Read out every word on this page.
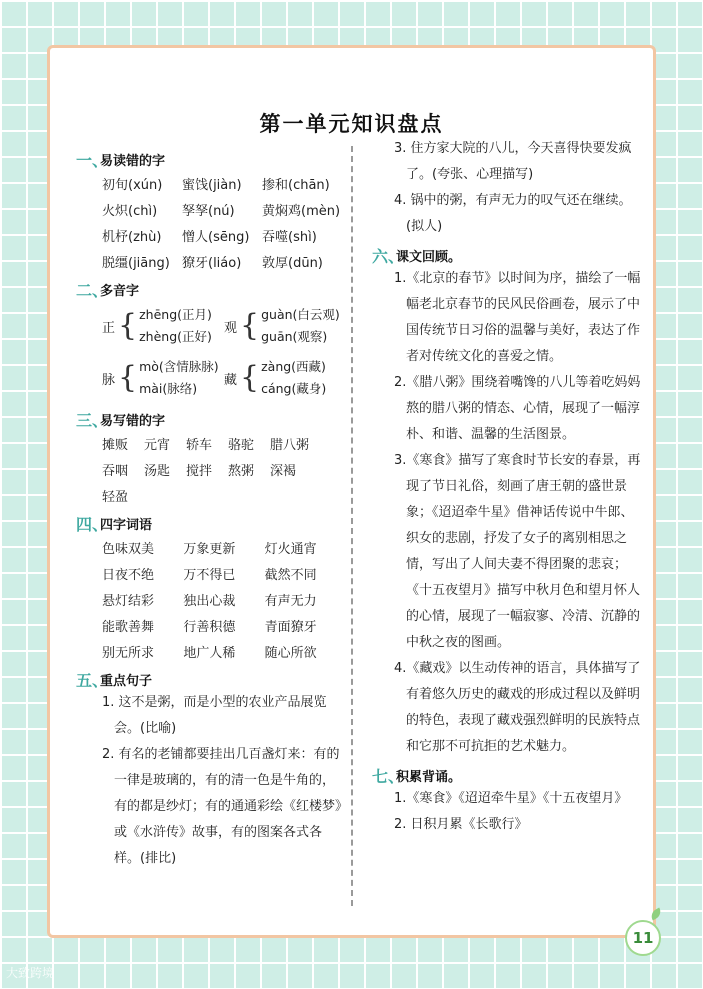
第一单元知识盘点
一、
易读错的字
初旬(xún)	蜜饯(jiàn)	掺和(chān)
火炽(chì)	孥孥(nú)	黄焖鸡(mèn)
机杼(zhù)	憎人(sēng) 吞噬(shì)
脱缰(jiāng) 獠牙(liáo)	敦厚(dūn)
二、
多音字
正 { zhēng(正月)
zhèng(正好)
观 { guàn(白云观)
guān(观察)
脉 { mò(含情脉脉)
mài(脉络)
藏 { zàng(西藏)
cáng(藏身)
三、
易写错的字
摊贩	元宵	轿车	骆驼	腊八粥
吞咽	汤匙	搅拌	熬粥	深褐
轻盈
四、
四字词语
色味双美	万象更新	灯火通宵
日夜不绝	万不得已	截然不同
悬灯结彩	独出心裁	有声无力
能歌善舞	行善积德	青面獠牙
别无所求	地广人稀	随心所欲
五、
重点句子

1. 这不是粥，而是小型的农业产品展览会。(比喻)

2. 有名的老铺都要挂出几百盏灯来：有的一律是玻璃的，有的清一色是牛角的，有的都是纱灯；有的通通彩绘《红楼梦》或《水浒传》故事，有的图案各式各样。(排比)

3. 住方家大院的八儿，今天喜得快要发疯了。(夸张、心理描写)

4. 锅中的粥，有声无力的叹气还在继续。(拟人)

六、
课文回顾。

1.《北京的春节》以时间为序，描绘了一幅幅老北京春节的民风民俗画卷，展示了中国传统节日习俗的温馨与美好，表达了作者对传统文化的喜爱之情。

2.《腊八粥》围绕着嘴馋的八儿等着吃妈妈熬的腊八粥的情态、心情，展现了一幅淳朴、和谐、温馨的生活图景。

3.《寒食》描写了寒食时节长安的春景，再现了节日礼俗，刻画了唐王朝的盛世景象；《迢迢牵牛星》借神话传说中牛郎、织女的悲剧，抒发了女子的离别相思之情，写出了人间夫妻不得团聚的悲哀；《十五夜望月》描写中秋月色和望月怀人的心情，展现了一幅寂寥、冷清、沉静的中秋之夜的图画。

4.《藏戏》以生动传神的语言，具体描写了有着悠久历史的藏戏的形成过程以及鲜明的特色，表现了藏戏强烈鲜明的民族特点和它那不可抗拒的艺术魅力。

七、
积累背诵。

1.《寒食》《迢迢牵牛星》《十五夜望月》

2. 日积月累《长歌行》

11
大致跨境
